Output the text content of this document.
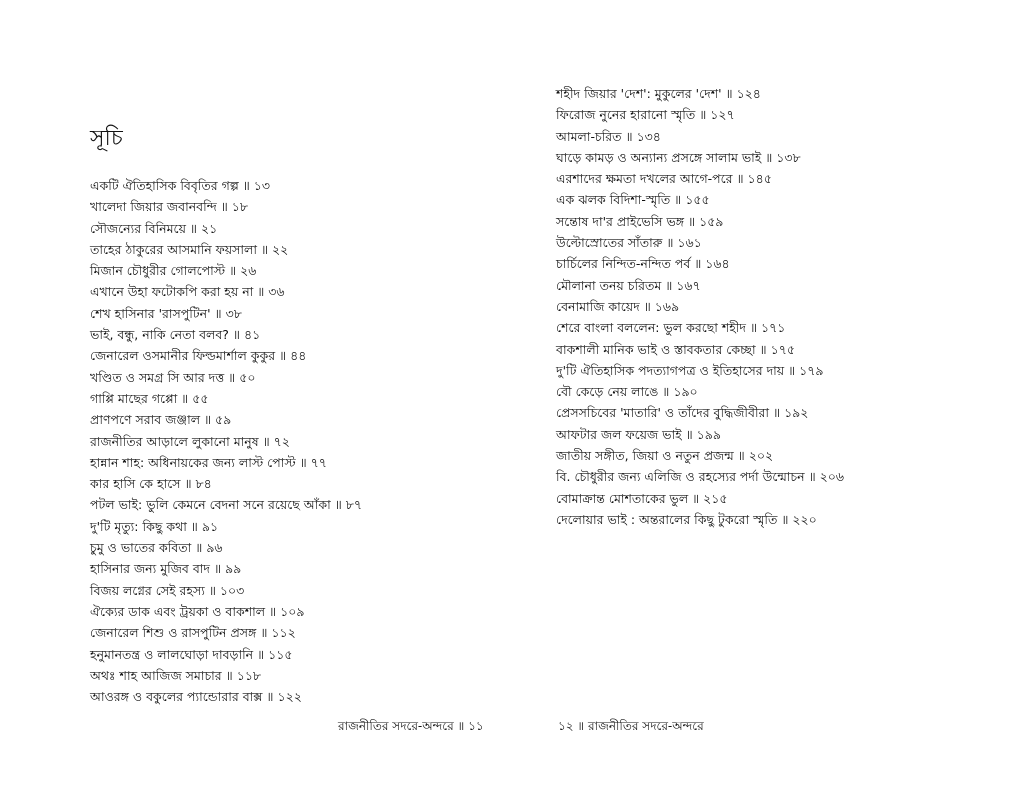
সূচি
একটি ঐতিহাসিক বিবৃতির গল্প ॥ ১৩
খালেদা জিয়ার জবানবন্দি ॥ ১৮
সৌজন্যের বিনিময়ে ॥ ২১
তাহের ঠাকুরের আসমানি ফয়সালা ॥ ২২
মিজান চৌধুরীর গোলপোস্ট ॥ ২৬
এখানে উহা ফটোকপি করা হয় না ॥ ৩৬
শেখ হাসিনার 'রাসপুটিন' ॥ ৩৮
ভাই, বন্ধু, নাকি নেতা বলব? ॥ ৪১
জেনারেল ওসমানীর ফিল্ডমার্শাল কুকুর ॥ ৪৪
খণ্ডিত ও সমগ্র সি আর দত্ত ॥ ৫০
গাপ্পি মাছের গপ্পো ॥ ৫৫
প্রাণপণে সরাব জঞ্জাল ॥ ৫৯
রাজনীতির আড়ালে লুকানো মানুষ ॥ ৭২
হান্নান শাহ: অধিনায়কের জন্য লাস্ট পোস্ট ॥ ৭৭
কার হাসি কে হাসে ॥ ৮৪
পটল ভাই: ভুলি কেমনে বেদনা সনে রয়েছে আঁকা ॥ ৮৭
দু'টি মৃত্যু: কিছু কথা ॥ ৯১
চুমু ও ভাতের কবিতা ॥ ৯৬
হাসিনার জন্য মুজিব বাদ ॥ ৯৯
বিজয় লগ্নের সেই রহস্য ॥ ১০৩
ঐক্যের ডাক এবং ট্রয়কা ও বাকশাল ॥ ১০৯
জেনারেল শিশু ও রাসপুটিন প্রসঙ্গ ॥ ১১২
হনুমানতন্ত্র ও লালঘোড়া দাবড়ানি ॥ ১১৫
অথঃ শাহ আজিজ সমাচার ॥ ১১৮
আওরঙ্গ ও বকুলের প্যান্ডোরার বাক্স ॥ ১২২
রাজনীতির সদরে-অন্দরে ॥ ১১
শহীদ জিয়ার 'দেশ': মুকুলের 'দেশ' ॥ ১২৪
ফিরোজ নুনের হারানো স্মৃতি ॥ ১২৭
আমলা-চরিত ॥ ১৩৪
ঘাড়ে কামড় ও অন্যান্য প্রসঙ্গে সালাম ভাই ॥ ১৩৮
এরশাদের ক্ষমতা দখলের আগে-পরে ॥ ১৪৫
এক ঝলক বিদিশা-স্মৃতি ॥ ১৫৫
সন্তোষ দা'র প্রাইভেসি ভঙ্গ ॥ ১৫৯
উল্টোস্রোতের সাঁতারু ॥ ১৬১
চার্চিলের নিন্দিত-নন্দিত পর্ব ॥ ১৬৪
মৌলানা তনয় চরিতম ॥ ১৬৭
বেনামাজি কায়েদ ॥ ১৬৯
শেরে বাংলা বললেন: ভুল করছো শহীদ ॥ ১৭১
বাকশালী মানিক ভাই ও স্তাবকতার কেচ্ছা ॥ ১৭৫
দু'টি ঐতিহাসিক পদত্যাগপত্র ও ইতিহাসের দায় ॥ ১৭৯
বৌ কেড়ে নেয় লাঙে ॥ ১৯০
প্রেসসচিবের 'মাতারি' ও তাঁদের বুদ্ধিজীবীরা ॥ ১৯২
আফটার জল ফয়েজ ভাই ॥ ১৯৯
জাতীয় সঙ্গীত, জিয়া ও নতুন প্রজন্ম ॥ ২০২
বি. চৌধুরীর জন্য এলিজি ও রহস্যের পর্দা উন্মোচন ॥ ২০৬
বোমাক্রান্ত মোশতাকের ভুল ॥ ২১৫
দেলোয়ার ভাই : অন্তরালের কিছু টুকরো স্মৃতি ॥ ২২০
১২ ॥ রাজনীতির সদরে-অন্দরে
